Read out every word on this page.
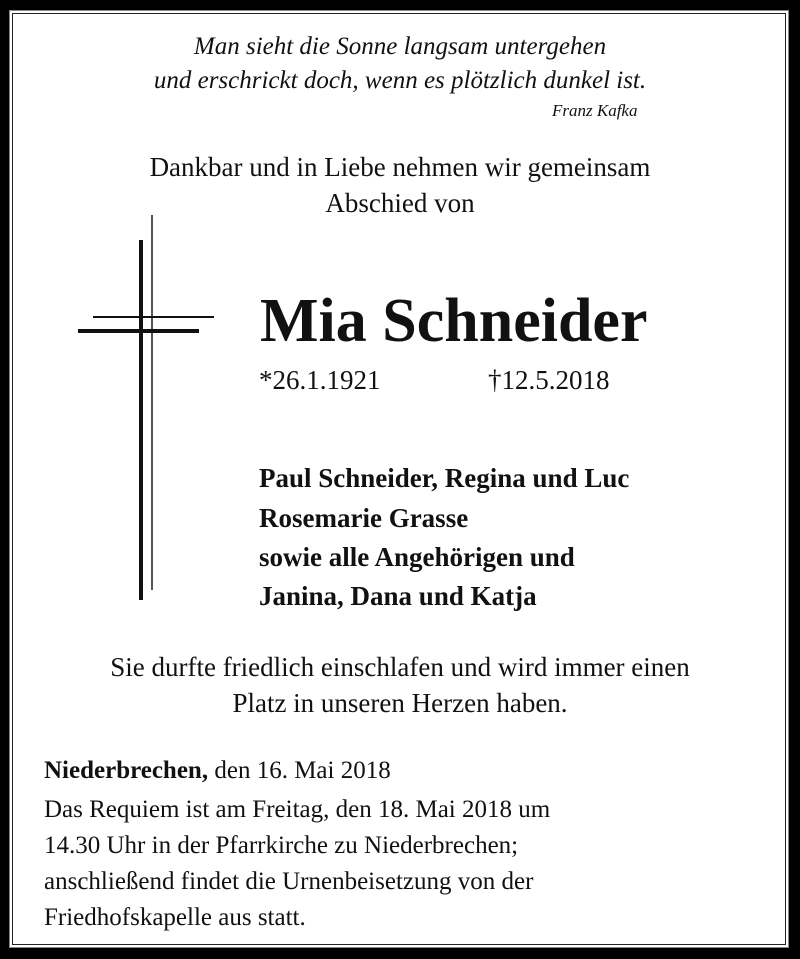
Man sieht die Sonne langsam untergehen
und erschrickt doch, wenn es plötzlich dunkel ist.
Franz Kafka
Dankbar und in Liebe nehmen wir gemeinsam
Abschied von
Mia Schneider
*26.1.1921	†12.5.2018
Paul Schneider, Regina und Luc
Rosemarie Grasse
sowie alle Angehörigen und
Janina, Dana und Katja
Sie durfte friedlich einschlafen und wird immer einen
Platz in unseren Herzen haben.
Niederbrechen, den 16. Mai 2018
Das Requiem ist am Freitag, den 18. Mai 2018 um
14.30 Uhr in der Pfarrkirche zu Niederbrechen;
anschließend findet die Urnenbeisetzung von der
Friedhofskapelle aus statt.
